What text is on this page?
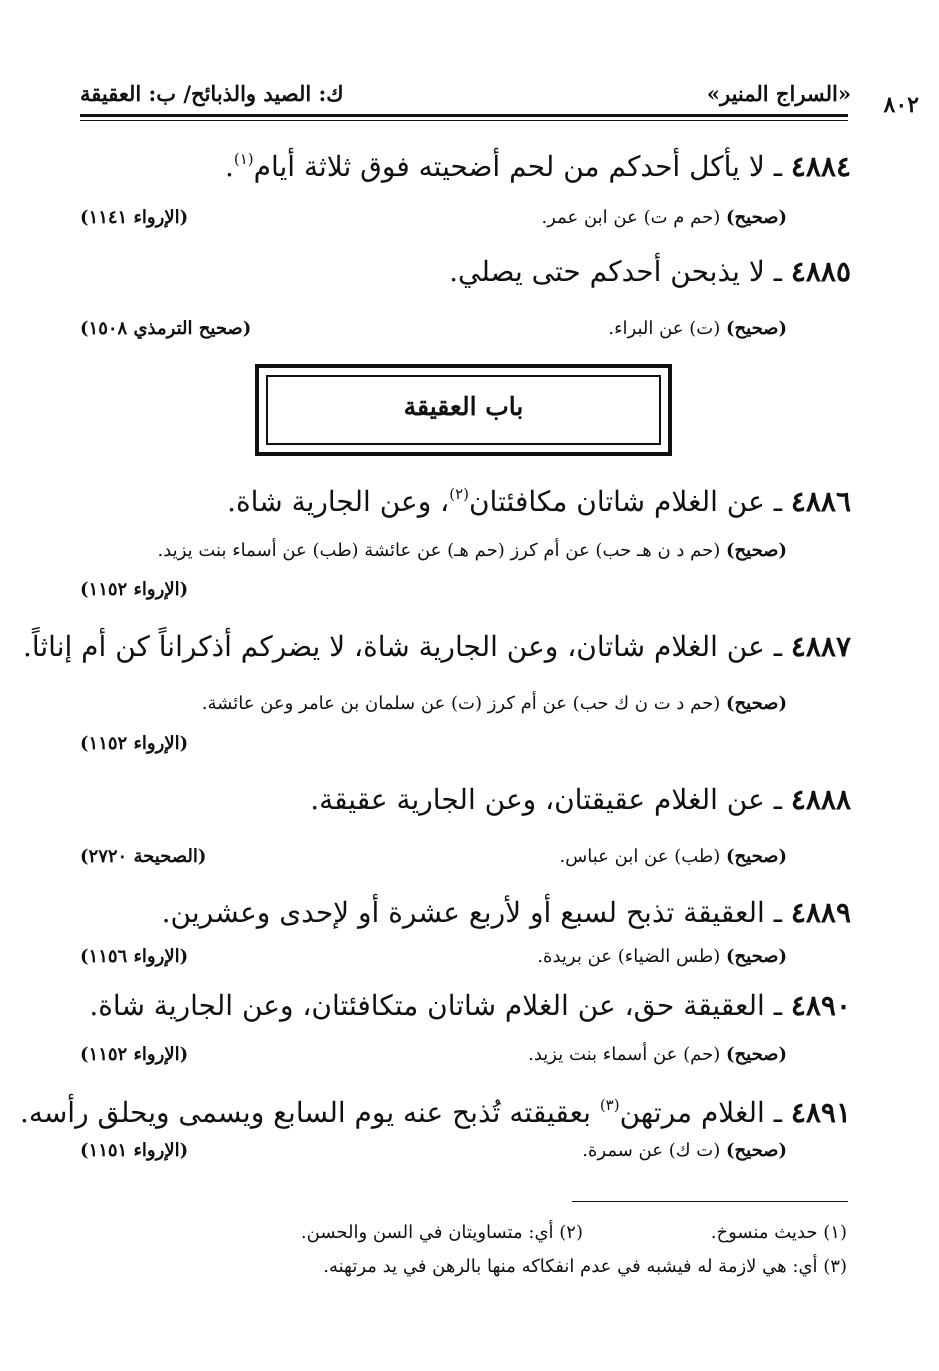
٨٠٢
«السراج المنير»
ك: الصيد والذبائح/ ب: العقيقة
٤٨٨٤ ـ لا يأكل أحدكم من لحم أضحيته فوق ثلاثة أيام$^{(١)}$.
(صحيح) (حم م ت) عن ابن عمر.
(الإرواء ١١٤١)
٤٨٨٥ ـ لا يذبحن أحدكم حتى يصلي.
(صحيح) (ت) عن البراء.
(صحيح الترمذي ١٥٠٨)
باب العقيقة
٤٨٨٦ ـ عن الغلام شاتان مكافئتان$^{(٢)}$، وعن الجارية شاة.
(صحيح) (حم د ن هـ حب) عن أم كرز (حم هـ) عن عائشة (طب) عن أسماء بنت يزيد.
(الإرواء ١١٥٢)
٤٨٨٧ ـ عن الغلام شاتان، وعن الجارية شاة، لا يضركم أذكراناً كن أم إناثاً.
(صحيح) (حم د ت ن ك حب) عن أم كرز (ت) عن سلمان بن عامر وعن عائشة.
(الإرواء ١١٥٢)
٤٨٨٨ ـ عن الغلام عقيقتان، وعن الجارية عقيقة.
(صحيح) (طب) عن ابن عباس.
(الصحيحة ٢٧٢٠)
٤٨٨٩ ـ العقيقة تذبح لسبع أو لأربع عشرة أو لإحدى وعشرين.
(صحيح) (طس الضياء) عن بريدة.
(الإرواء ١١٥٦)
٤٨٩٠ ـ العقيقة حق، عن الغلام شاتان متكافئتان، وعن الجارية شاة.
(صحيح) (حم) عن أسماء بنت يزيد.
(الإرواء ١١٥٢)
٤٨٩١ ـ الغلام مرتهن$^{(٣)}$ بعقيقته تُذبح عنه يوم السابع ويسمى ويحلق رأسه.
(صحيح) (ت ك) عن سمرة.
(الإرواء ١١٥١)
(١) حديث منسوخ.
(٢) أي: متساويتان في السن والحسن.
(٣) أي: هي لازمة له فيشبه في عدم انفكاكه منها بالرهن في يد مرتهنه.
